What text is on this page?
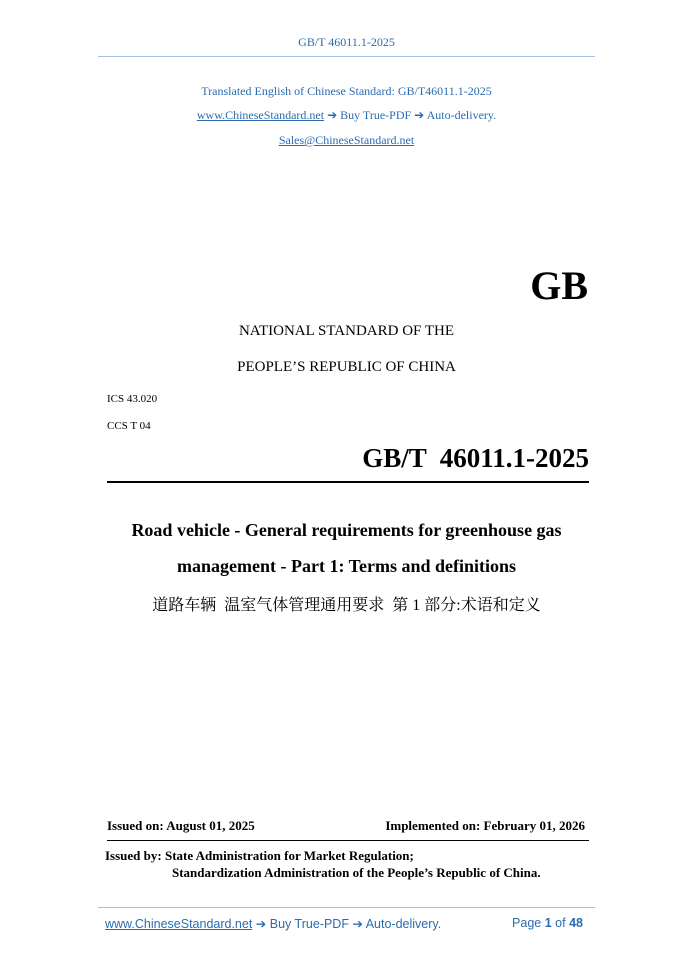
GB/T 46011.1-2025
Translated English of Chinese Standard: GB/T46011.1-2025
www.ChineseStandard.net ➔ Buy True-PDF ➔ Auto-delivery.
Sales@ChineseStandard.net
GB
NATIONAL STANDARD OF THE
PEOPLE’S REPUBLIC OF CHINA
ICS 43.020
CCS T 04
GB/T  46011.1-2025
Road vehicle - General requirements for greenhouse gas
management - Part 1: Terms and definitions
道路车辆  温室气体管理通用要求  第 1 部分:术语和定义
Issued on: August 01, 2025	Implemented on: February 01, 2026
Issued by: State Administration for Market Regulation;
Standardization Administration of the People’s Republic of China.
www.ChineseStandard.net ➔ Buy True-PDF ➔ Auto-delivery.	Page 1 of 48
